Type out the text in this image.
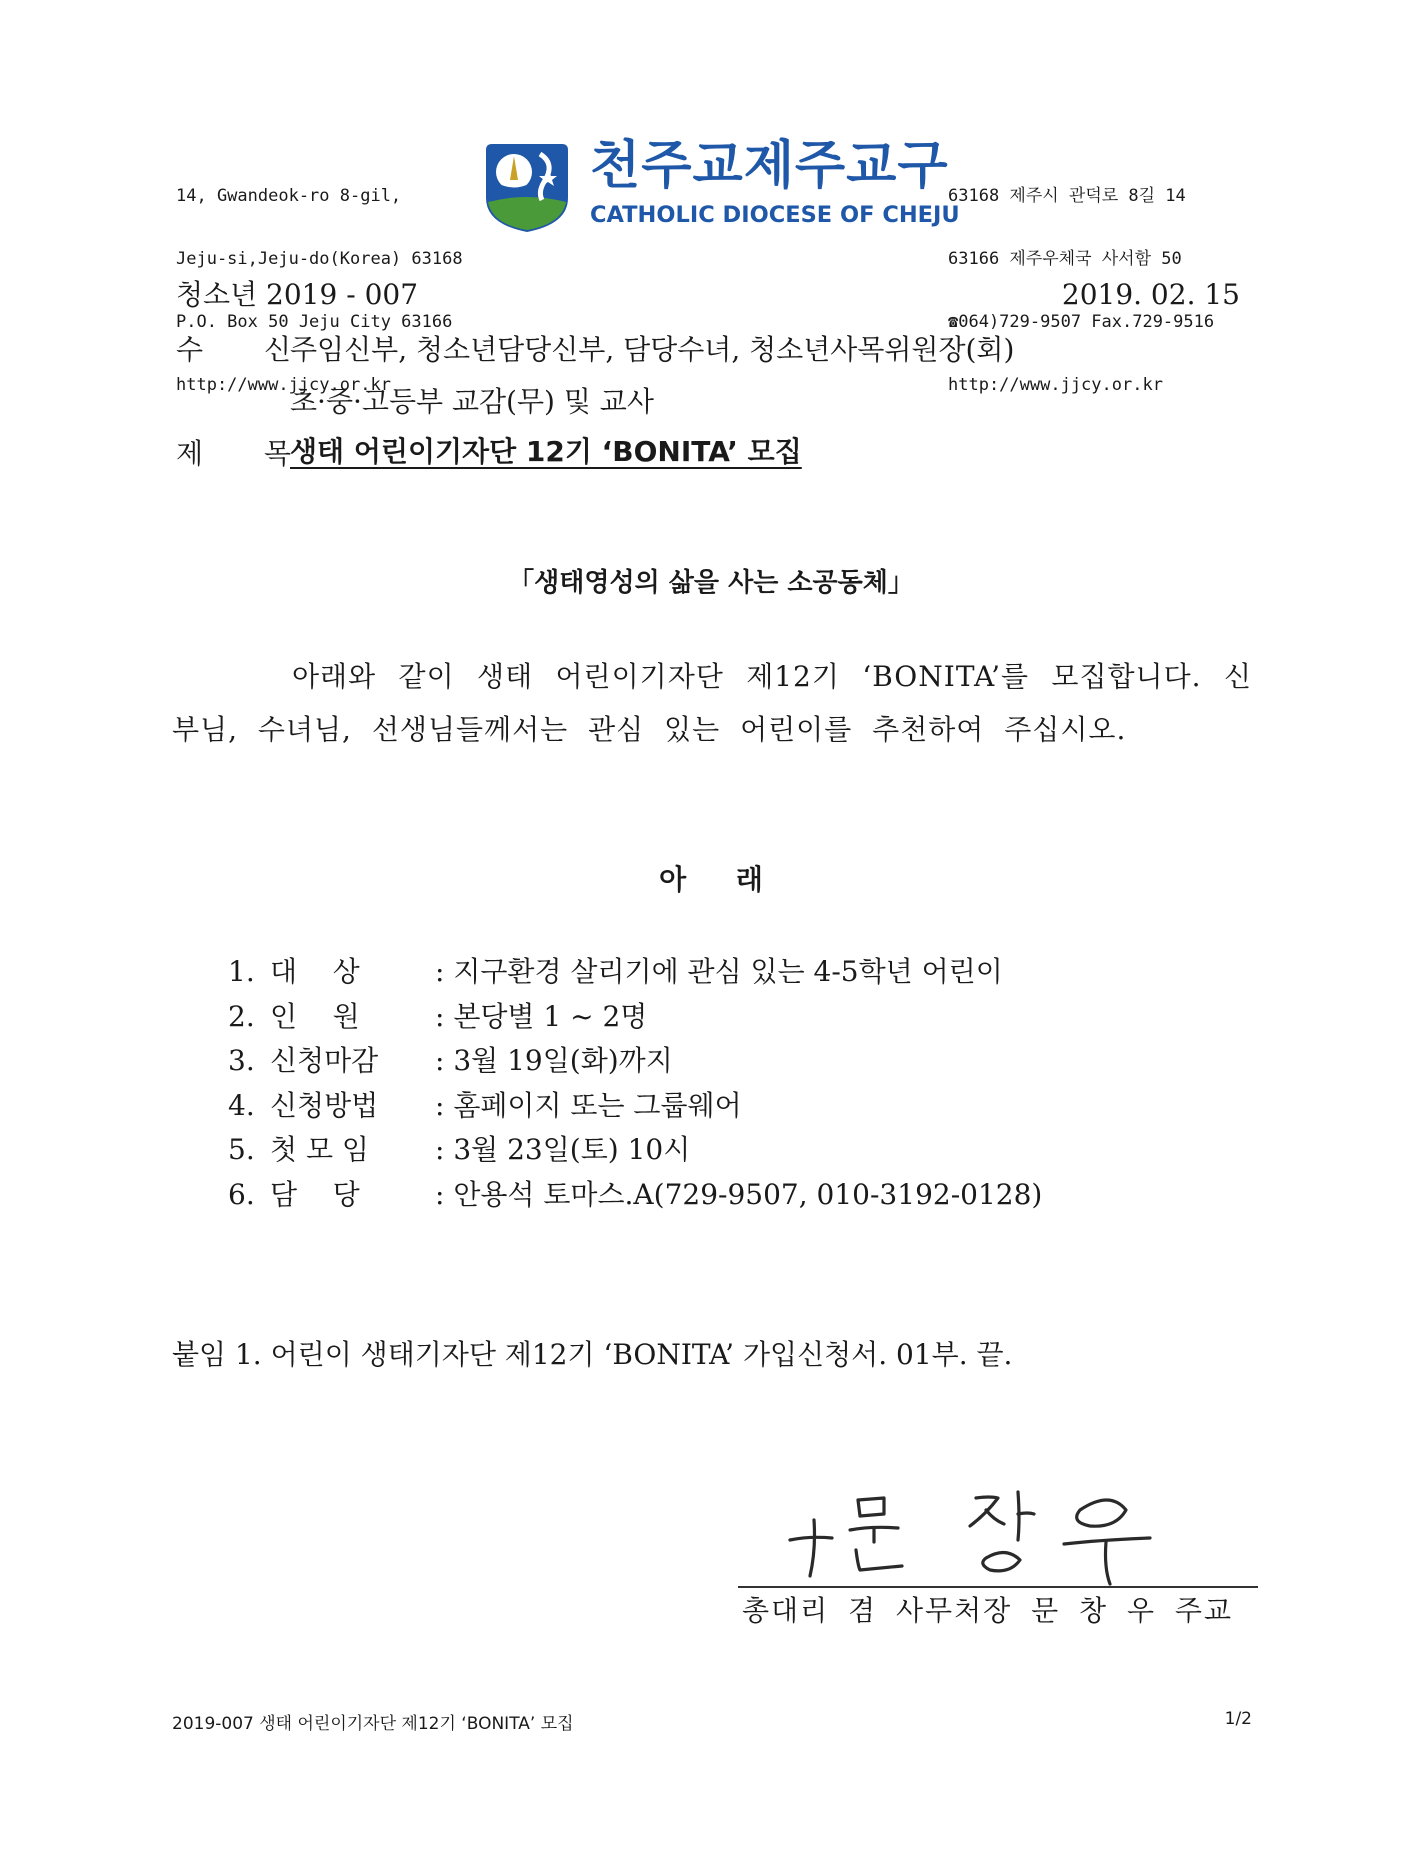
14, Gwandeok-ro 8-gil,

Jeju-si,Jeju-do(Korea) 63168

P.O. Box 50 Jeju City 63166

http://www.jjcy.or.kr

천주교제주교구
CATHOLIC DIOCESE OF CHEJU

63168 제주시 관덕로 8길 14

63166 제주우체국 사서함 50

☎064)729-9507 Fax.729-9516

http://www.jjcy.or.kr

청소년 2019 - 007	2019. 02. 15
수 신
주임신부, 청소년담당신부, 담당수녀, 청소년사목위원장(회)
초·중·고등부 교감(무) 및 교사
제 목
생태 어린이기자단 12기 ‘BONITA’ 모집
「생태영성의 삶을 사는 소공동체」
아래와 같이 생태 어린이기자단 제12기 ‘BONITA’를 모집합니다. 신부님, 수녀님, 선생님들께서는 관심 있는 어린이를 추천하여 주십시오.
아 래
1. 대    상	: 지구환경 살리기에 관심 있는 4-5학년 어린이
2. 인    원	: 본당별 1 ~ 2명
3. 신청마감	: 3월 19일(화)까지
4. 신청방법	: 홈페이지 또는 그룹웨어
5. 첫 모 임	: 3월 23일(토) 10시
6. 담    당	: 안용석 토마스.A(729-9507, 010-3192-0128)
붙임 1. 어린이 생태기자단 제12기 ‘BONITA’ 가입신청서. 01부. 끝.
총대리 겸 사무처장 문 창 우 주교
2019-007 생태 어린이기자단 제12기 ‘BONITA’ 모집	1/2
